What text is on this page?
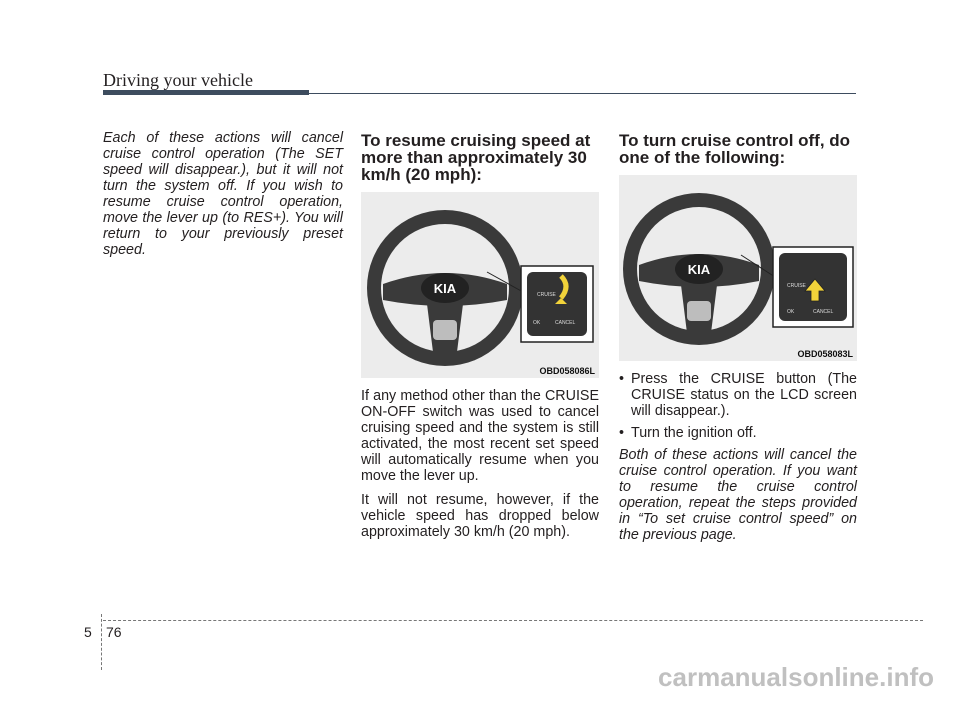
Driving your vehicle

Each of these actions will cancel cruise control operation (The SET speed will disappear.), but it will not turn the system off. If you wish to resume cruise control operation, move the lever up (to RES+). You will return to your previously preset speed.

To resume cruising speed at more than approximately 30 km/h (20 mph):

KIA	CRUISE
OK	CANCEL
OBD058086L

If any method other than the CRUISE ON-OFF switch was used to cancel cruising speed and the system is still activated, the most recent set speed will automatically resume when you move the lever up.

It will not resume, however, if the vehicle speed has dropped below approximately 30 km/h (20 mph).

To turn cruise control off, do one of the following:

KIA
CRUISE
OK	CANCEL
OBD058083L
• Press the CRUISE button (The CRUISE status on the LCD screen will disappear.).
• Turn the ignition off.

Both of these actions will cancel the cruise control operation. If you want to resume the cruise control operation, repeat the steps provided in “To set cruise control speed” on the previous page.

5 76
carmanualsonline.info
